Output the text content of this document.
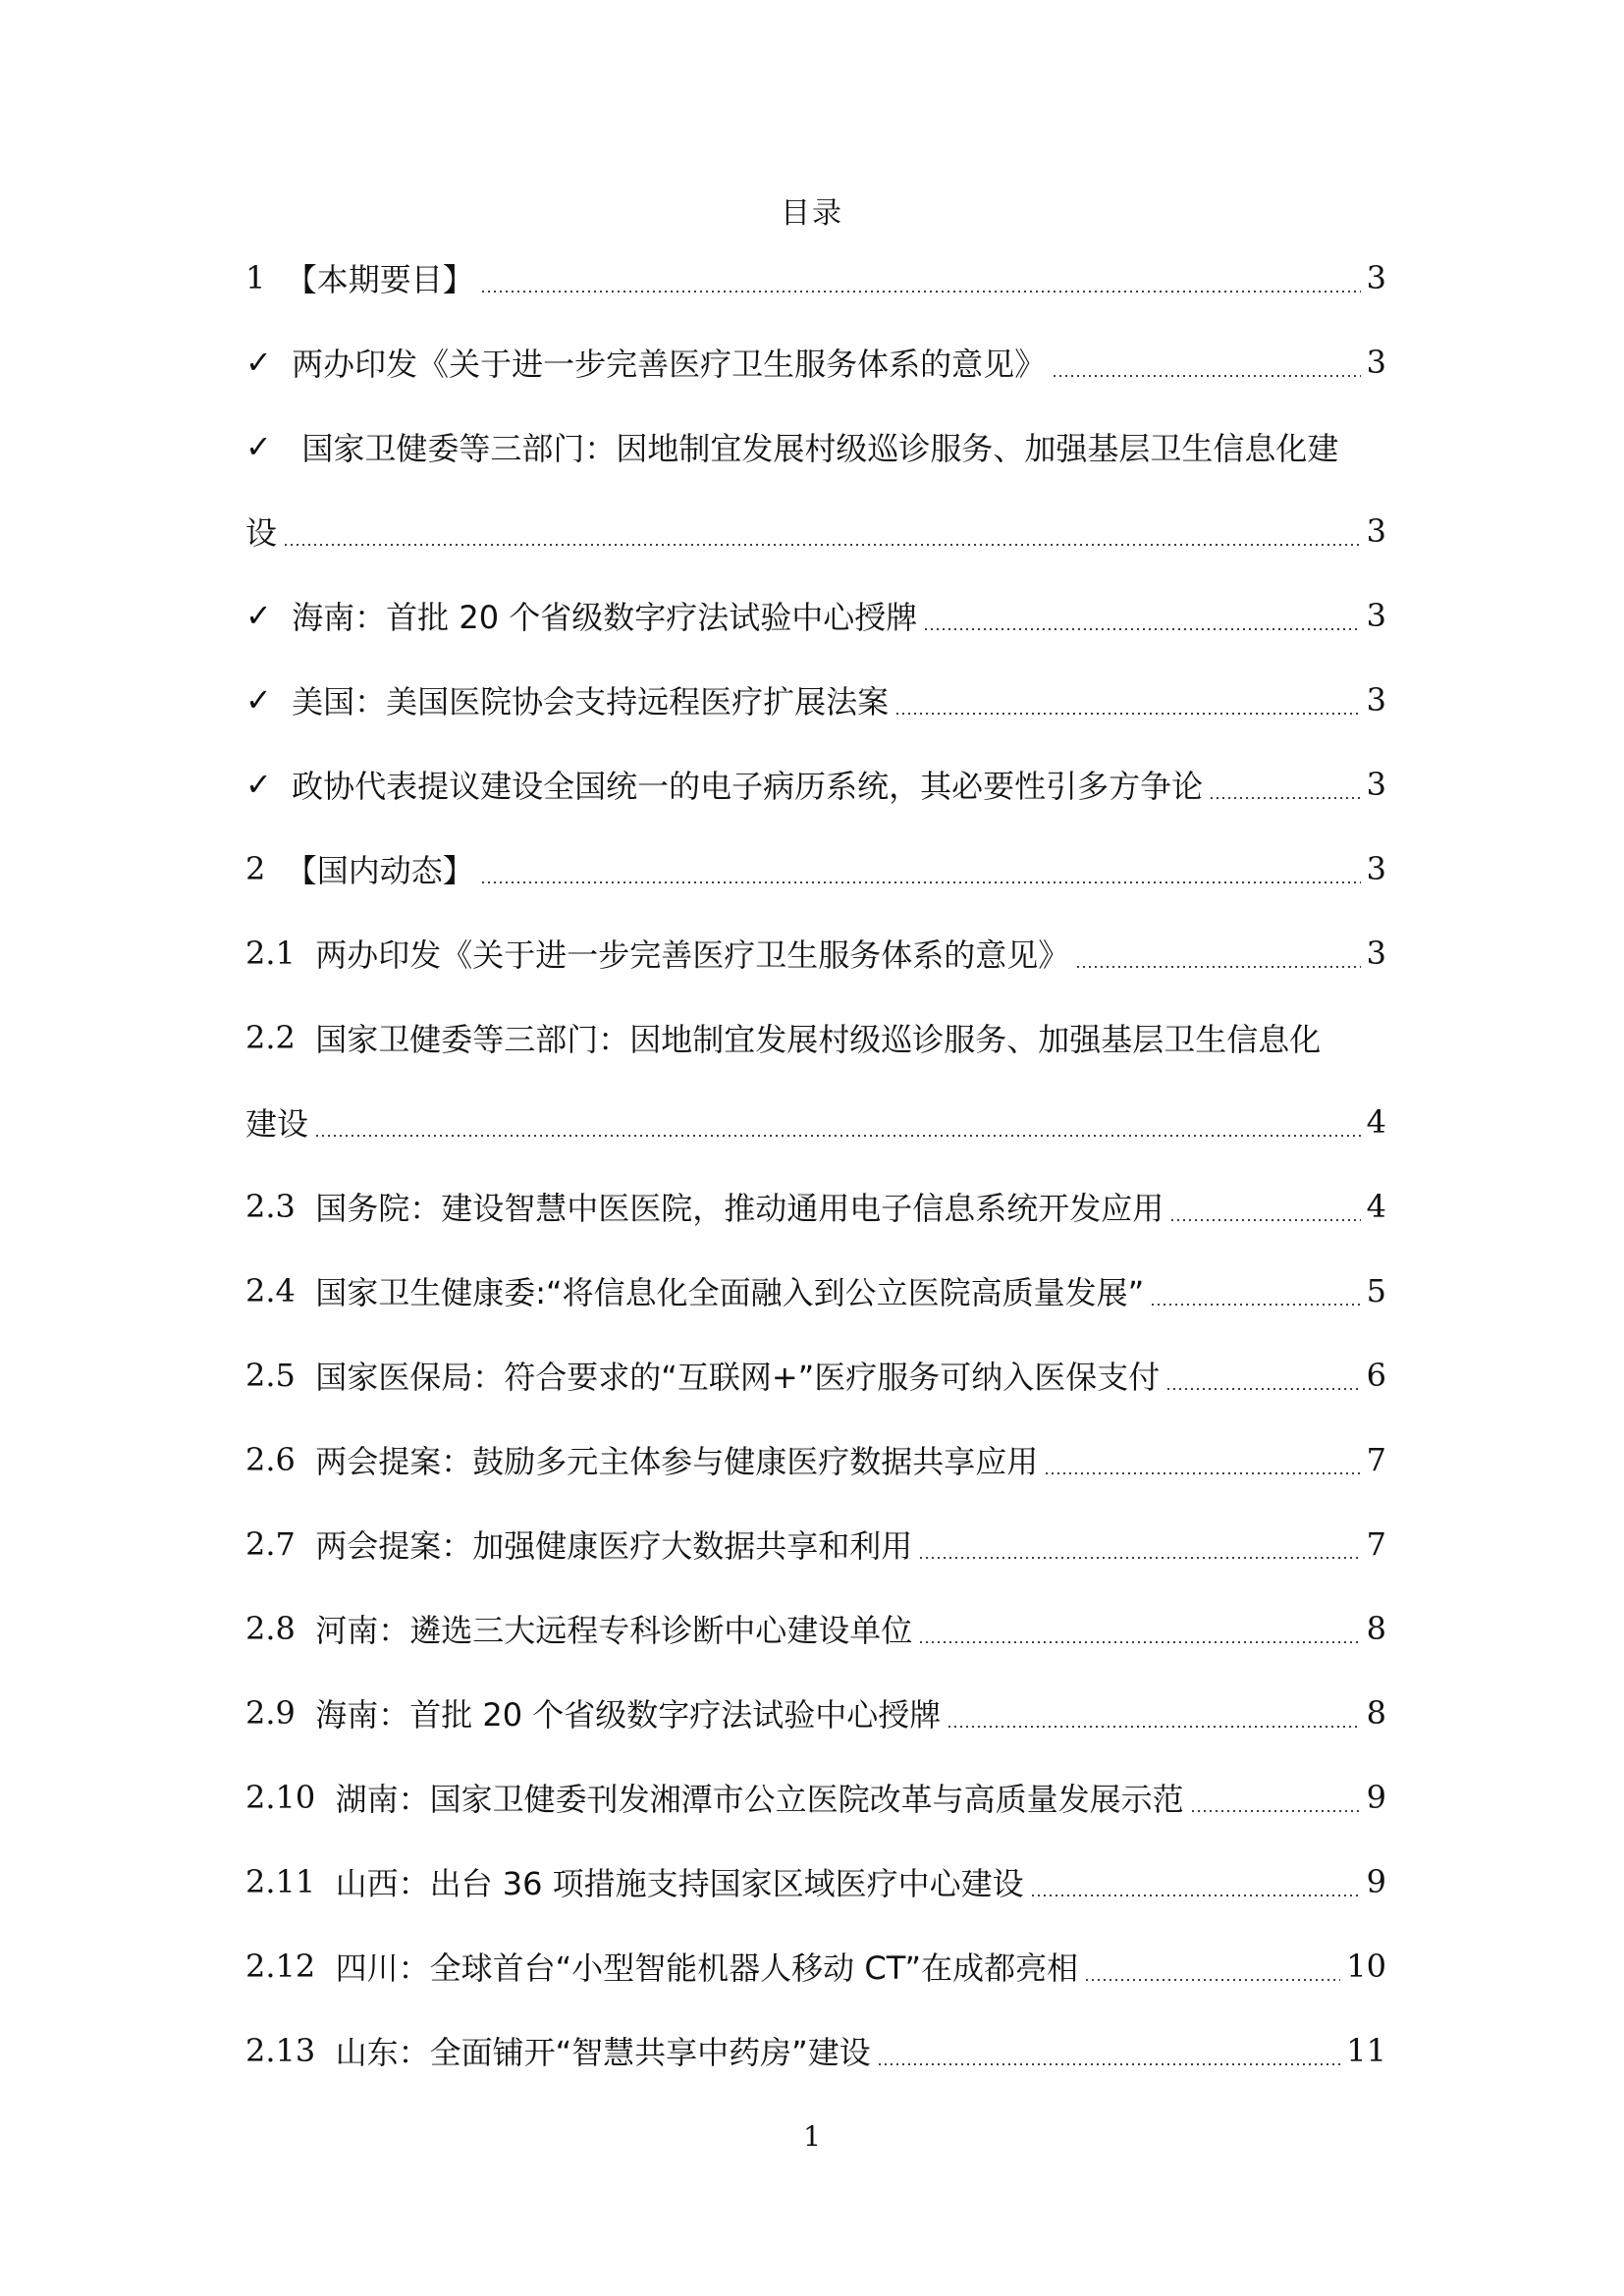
目录
1 【本期要目】	3
✓ 两办印发《关于进一步完善医疗卫生服务体系的意见》	3
✓ 国家卫健委等三部门：因地制宜发展村级巡诊服务、加强基层卫生信息化建
设	3
✓ 海南：首批 20 个省级数字疗法试验中心授牌	3
✓ 美国：美国医院协会支持远程医疗扩展法案	3
✓ 政协代表提议建设全国统一的电子病历系统，其必要性引多方争论	3
2 【国内动态】	3
2.1 两办印发《关于进一步完善医疗卫生服务体系的意见》	3
2.2 国家卫健委等三部门：因地制宜发展村级巡诊服务、加强基层卫生信息化
建设	4
2.3 国务院：建设智慧中医医院，推动通用电子信息系统开发应用	4
2.4 国家卫生健康委:“将信息化全面融入到公立医院高质量发展”	5
2.5 国家医保局：符合要求的“互联网+”医疗服务可纳入医保支付	6
2.6 两会提案：鼓励多元主体参与健康医疗数据共享应用	7
2.7 两会提案：加强健康医疗大数据共享和利用	7
2.8 河南：遴选三大远程专科诊断中心建设单位	8
2.9 海南：首批 20 个省级数字疗法试验中心授牌	8
2.10 湖南：国家卫健委刊发湘潭市公立医院改革与高质量发展示范	9
2.11 山西：出台 36 项措施支持国家区域医疗中心建设	9
2.12 四川：全球首台“小型智能机器人移动 CT”在成都亮相	10
2.13 山东：全面铺开“智慧共享中药房”建设	11
1
